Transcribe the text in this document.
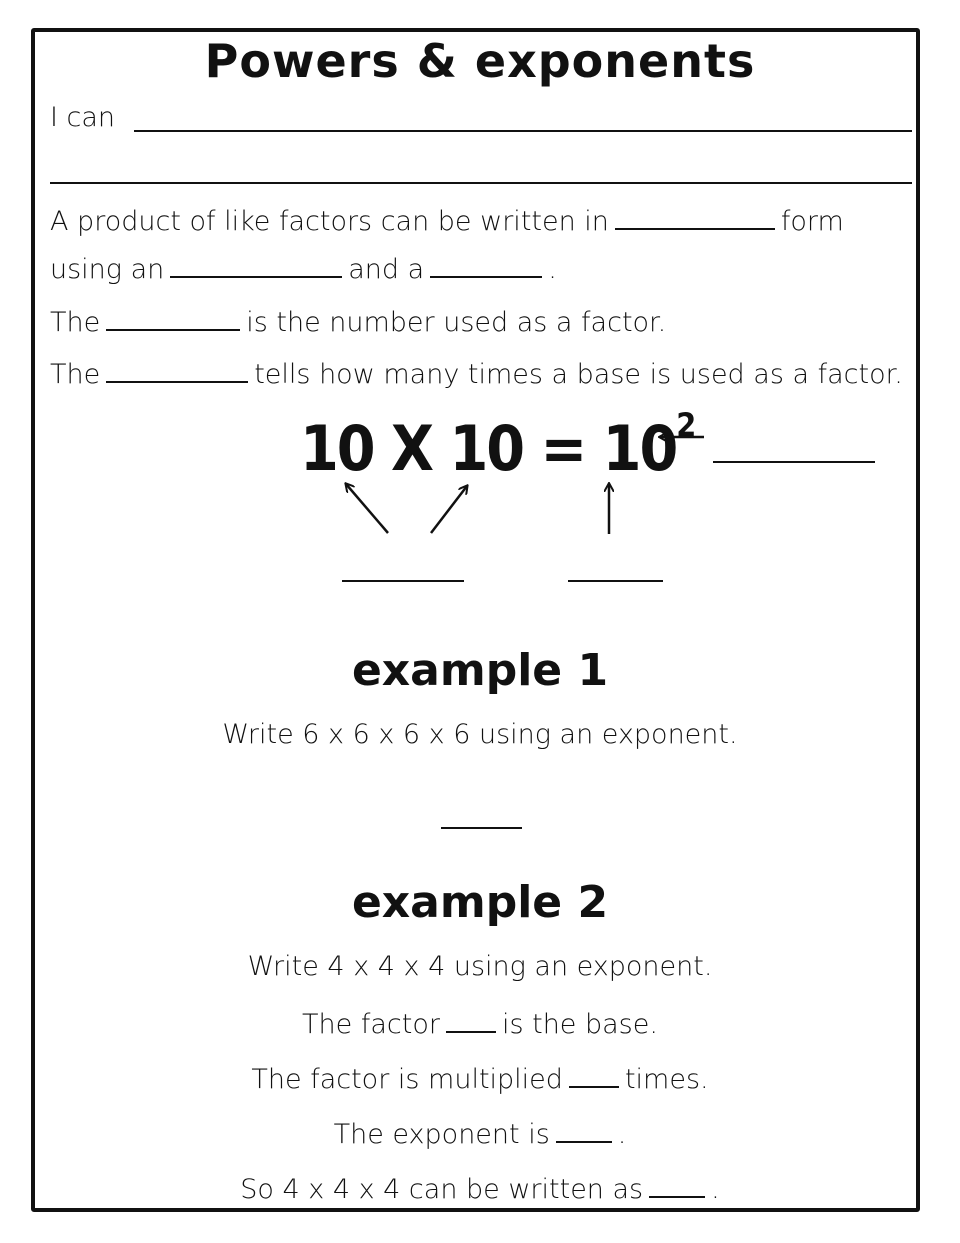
Powers & exponents
I can
A product of like factors can be written in	form
using an	and a	.
The	is the number used as a factor.
The	tells how many times a base is used as a factor.
10 X $10 = 10^2$
example 1
Write 6 x 6 x 6 x 6 using an exponent.
example 2
Write 4 x 4 x 4 using an exponent.
The factor is the base.
The factor is multiplied times.
The exponent is	.
So 4 x 4 x 4 can be written as	.
